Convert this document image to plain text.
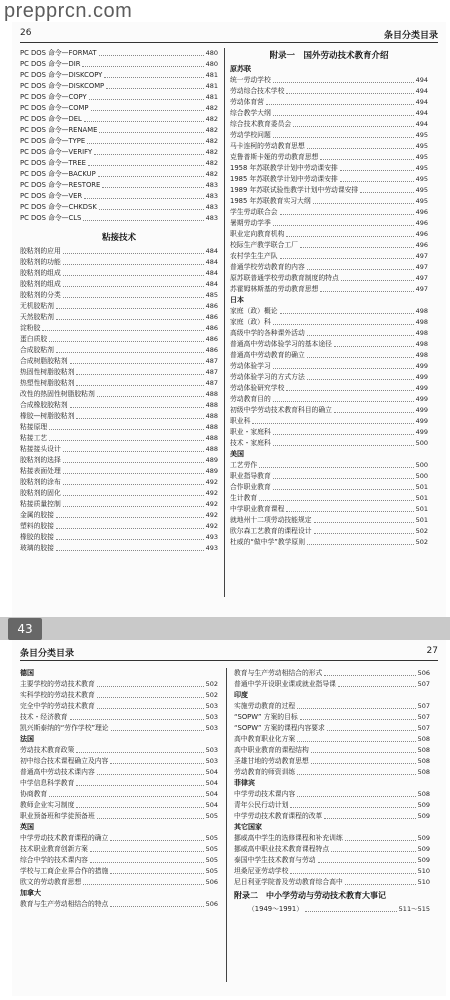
prepprcn.com
26	条目分类目录
PC DOS 命令—FORMAT	480
PC DOS 命令—DIR	480
PC DOS 命令—DISKCOPY	481
PC DOS 命令—DISKCOMP	481
PC DOS 命令—COPY	481
PC DOS 命令—COMP	482
PC DOS 命令—DEL	482
PC DOS 命令—RENAME	482
PC DOS 命令—TYPE	482
PC DOS 命令—VERIFY	482
PC DOS 命令—TREE	482
PC DOS 命令—BACKUP	482
PC DOS 命令—RESTORE	483
PC DOS 命令—VER	483
PC DOS 命令—CHKDSK	483
PC DOS 命令—CLS	483
粘接技术
胶粘剂的应用	484
胶粘剂的功能	484
胶粘剂的组成	484
胶粘剂的组成	484
胶粘剂的分类	485
无机胶粘剂	486
天然胶粘剂	486
淀粉胶	486
蛋白质胶	486
合成胶粘剂	486
合成树脂胶粘剂	487
热固性树脂胶粘剂	487
热塑性树脂胶粘剂	487
改性的热固性树脂胶粘剂	488
合成橡胶胶粘剂	488
橡胶—树脂胶粘剂	488
粘接原理	488
粘接工艺	488
粘接接头设计	488
胶粘剂的选择	489
粘接表面处理	489
胶粘剂的涂布	492
胶粘剂的固化	492
粘接质量控制	492
金属的胶接	492
塑料的胶接	492
橡胶的胶接	493
玻璃的胶接	493
附录一　国外劳动技术教育介绍
原苏联
统一劳动学校	494
劳动综合技术学校	494
劳动体育营	494
综合教学大纲	494
综合技术教育委员会	494
劳动学校问题	495
马卡连柯的劳动教育思想	495
克鲁普斯卡娅的劳动教育思想	495
1958 年苏联教学计划中劳动课安排	495
1985 年苏联教学计划中劳动课安排	495
1989 年苏联试验性教学计划中劳动课安排	495
1985 年苏联教育实习大纲	495
学生劳动联合会	496
暑期劳动学季	496
职业定向教育机构	496
校际生产教学联合工厂	496
农村学生生产队	497
普通学校劳动教育的内容	497
原苏联普通学校劳动教育制度的特点	497
苏霍姆林斯基的劳动教育思想	497
日本
家庭（政）概论	498
家庭（政）科	498
高级中学的各种课外活动	498
普通高中劳动体验学习的基本途径	498
普通高中劳动教育的确立	498
劳动体验学习	499
劳动体验学习的方式方法	499
劳动体验研究学校	499
劳动教育目的	499
初级中学劳动技术教育科目的确立	499
职业科	499
职业・家庭科	499
技术・家庭科	500
美国
工艺劳作	500
职业指导教育	500
合作职业教育	501
生计教育	501
中学职业教育课程	501
就地州十二项劳动技能规定	501
欧尔森工艺教育的课程设计	502
杜威的“做中学”教学原则	502
43
条目分类目录	27
德国
主要学校的劳动技术教育	502
实科学校的劳动技术教育	502
完全中学的劳动技术教育	503
技术・经济教育	503
凯兴斯泰纳的“劳作学校”理论	503
法国
劳动技术教育政策	503
初中综合技术课程确立及内容	503
普通高中劳动技术课内容	504
中学信息科学教育	504
协商教育	504
教师企业实习制度	504
职业预备班和学徒预备班	505
英国
中学劳动技术教育课程的确立	505
技术职业教育创新方案	505
综合中学的技术课内容	505
学校与工商企业界合作的措施	505
欧文的劳动教育思想	506
加拿大
教育与生产劳动相结合的特点	506
教育与生产劳动相结合的形式	506
普通中学开设职业课或就业指导课	507
印度
实施劳动教育的过程	507
“SOPW” 方案的目标	507
“SOPW” 方案的课程内容要求	507
高中教育职业化方案	508
高中职业教育的课程结构	508
圣雄甘地的劳动教育思想	508
劳动教育的师资训练	508
菲律宾
中学劳动技术课内容	508
青年公民行动计划	509
中学劳动技术教育课程的改革	509
其它国家
挪威高中学生的选修课程和补充训练	509
挪威高中职业技术教育课程特点	509
泰国中学生技术教育与劳动	509
坦桑尼亚劳动学校	510
尼日利亚学院普及劳动教育综合高中	510
附录二　中小学劳动与劳动技术教育大事记
（1949～1991）	511～515
